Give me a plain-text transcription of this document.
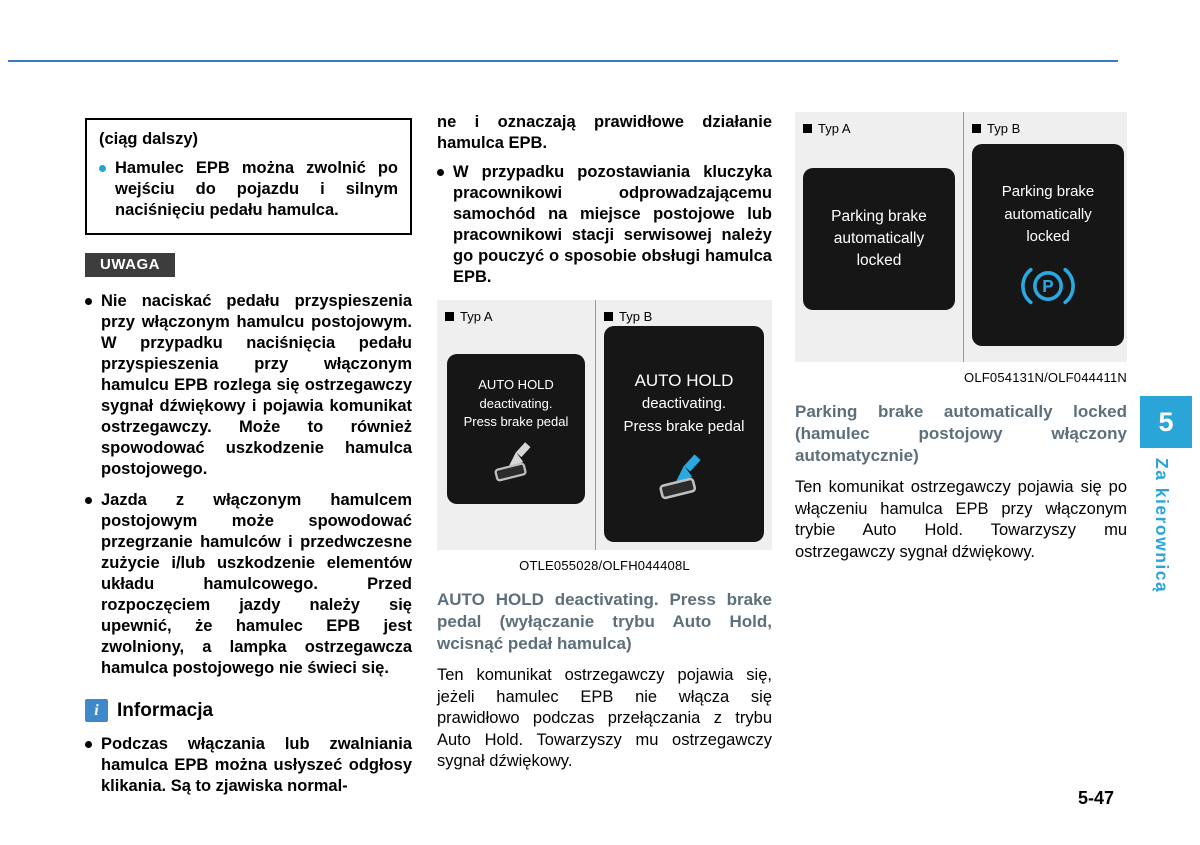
(ciąg dalszy)
Hamulec EPB można zwolnić po wejściu do pojazdu i silnym naciśnięciu pedału hamulca.
UWAGA
Nie naciskać pedału przyspieszenia przy włączonym hamulcu postojowym. W przypadku naciśnięcia pedału przyspieszenia przy włączonym hamulcu EPB rozlega się ostrzegawczy sygnał dźwiękowy i pojawia komunikat ostrzegawczy. Może to również spowodować uszkodzenie hamulca postojowego.
Jazda z włączonym hamulcem postojowym może spowodować przegrzanie hamulców i przedwczesne zużycie i/lub uszkodzenie elementów układu hamulcowego. Przed rozpoczęciem jazdy należy się upewnić, że hamulec EPB jest zwolniony, a lampka ostrzegawcza hamulca postojowego nie świeci się.
i Informacja
Podczas włączania lub zwalniania hamulca EPB można usłyszeć odgłosy klikania. Są to zjawiska normal-

ne i oznaczają prawidłowe działanie hamulca EPB.

W przypadku pozostawiania kluczyka pracownikowi odprowadzającemu samochód na miejsce postojowe lub pracownikowi stacji serwisowej należy go pouczyć o sposobie obsługi hamulca EPB.
Typ A
AUTO HOLD
deactivating.
Press brake pedal
Typ B
AUTO HOLD
deactivating.
Press brake pedal
OTLE055028/OLFH044408L
AUTO HOLD deactivating. Press brake pedal (wyłączanie trybu Auto Hold, wcisnąć pedał hamulca)

Ten komunikat ostrzegawczy pojawia się, jeżeli hamulec EPB nie włącza się prawidłowo podczas przełączania z trybu Auto Hold. Towarzyszy mu ostrzegawczy sygnał dźwiękowy.

Typ A
Parking brake
automatically
locked
Typ B
Parking brake
automatically
locked
P
OLF054131N/OLF044411N
Parking brake automatically locked (hamulec postojowy włączony automatycznie)

Ten komunikat ostrzegawczy pojawia się po włączeniu hamulca EPB przy włączonym trybie Auto Hold. Towarzyszy mu ostrzegawczy sygnał dźwiękowy.

5
Za kierownicą
5-47
